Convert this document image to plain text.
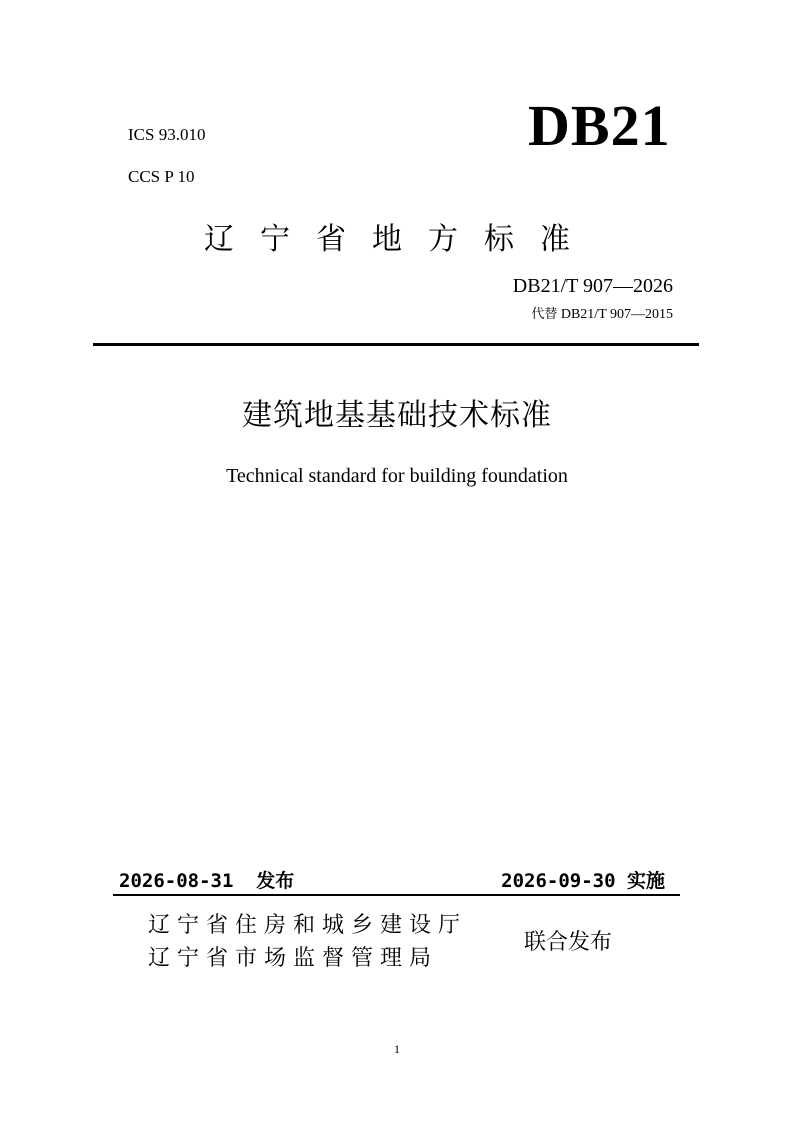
ICS 93.010
CCS P 10
DB21
辽宁省地方标准
DB21/T 907—2026
代替 DB21/T 907—2015
建筑地基基础技术标准
Technical standard for building foundation
2026-08-31 发布	2026-09-30 实施
辽宁省住房和城乡建设厅
辽宁省市场监督管理局
联合发布
1
